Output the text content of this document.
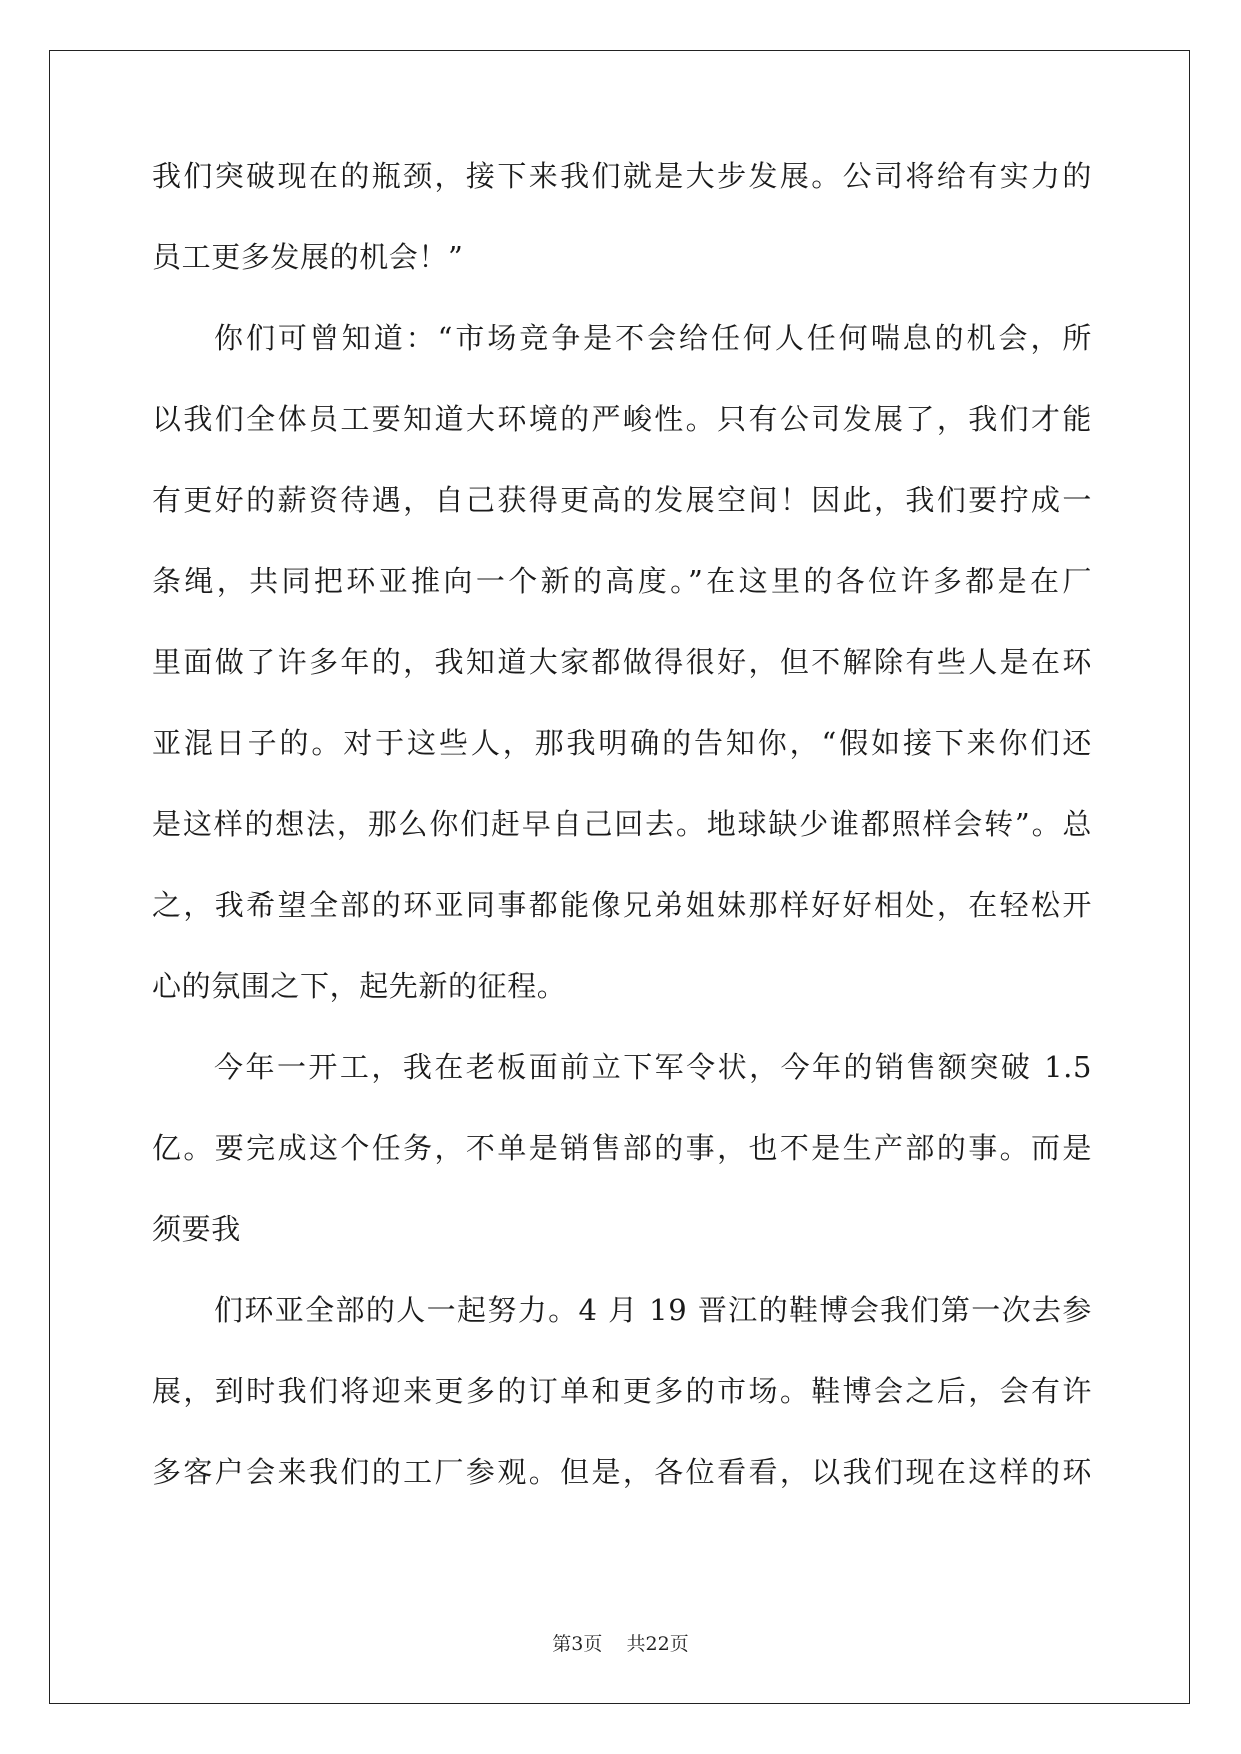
我们突破现在的瓶颈，接下来我们就是大步发展。公司将给有实力的
员工更多发展的机会！”
你们可曾知道：“市场竞争是不会给任何人任何喘息的机会，所
以我们全体员工要知道大环境的严峻性。只有公司发展了，我们才能
有更好的薪资待遇，自己获得更高的发展空间！因此，我们要拧成一
条绳，共同把环亚推向一个新的高度。”在这里的各位许多都是在厂
里面做了许多年的，我知道大家都做得很好，但不解除有些人是在环
亚混日子的。对于这些人，那我明确的告知你，“假如接下来你们还
是这样的想法，那么你们赶早自己回去。地球缺少谁都照样会转”。总
之，我希望全部的环亚同事都能像兄弟姐妹那样好好相处，在轻松开
心的氛围之下，起先新的征程。
今年一开工，我在老板面前立下军令状，今年的销售额突破 1.5
亿。要完成这个任务，不单是销售部的事，也不是生产部的事。而是
须要我
们环亚全部的人一起努力。4 月 19 晋江的鞋博会我们第一次去参
展，到时我们将迎来更多的订单和更多的市场。鞋博会之后，会有许
多客户会来我们的工厂参观。但是，各位看看，以我们现在这样的环
第3页 共22页
